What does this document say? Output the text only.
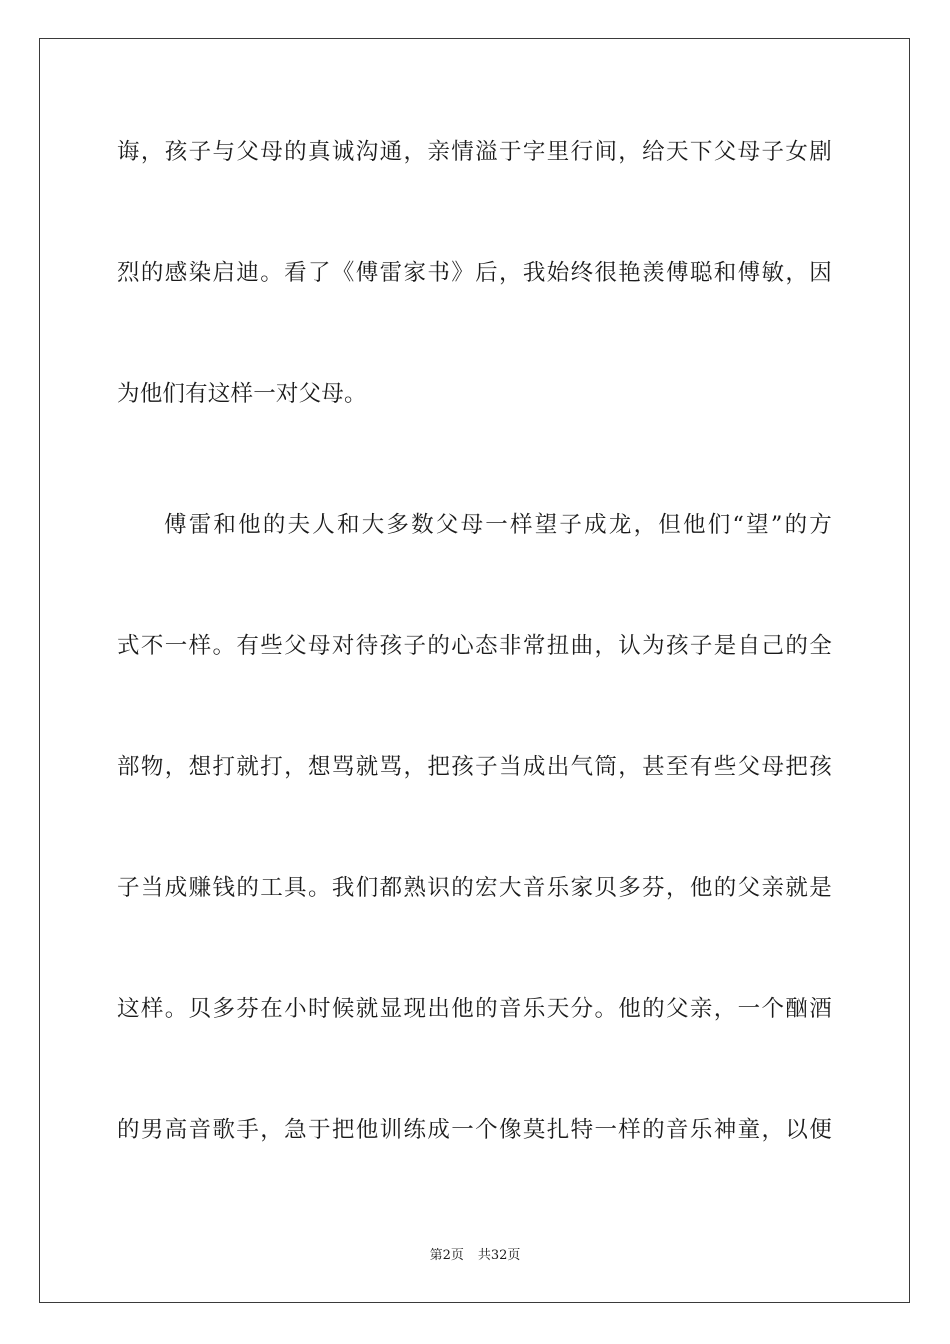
诲，孩子与父母的真诚沟通，亲情溢于字里行间，给天下父母子女剧
烈的感染启迪。看了《傅雷家书》后，我始终很艳羡傅聪和傅敏，因
为他们有这样一对父母。
傅雷和他的夫人和大多数父母一样望子成龙，但他们“望”的方
式不一样。有些父母对待孩子的心态非常扭曲，认为孩子是自己的全
部物，想打就打，想骂就骂，把孩子当成出气筒，甚至有些父母把孩
子当成赚钱的工具。我们都熟识的宏大音乐家贝多芬，他的父亲就是
这样。贝多芬在小时候就显现出他的音乐天分。他的父亲，一个酗酒
的男高音歌手，急于把他训练成一个像莫扎特一样的音乐神童，以便
第2页 共32页
